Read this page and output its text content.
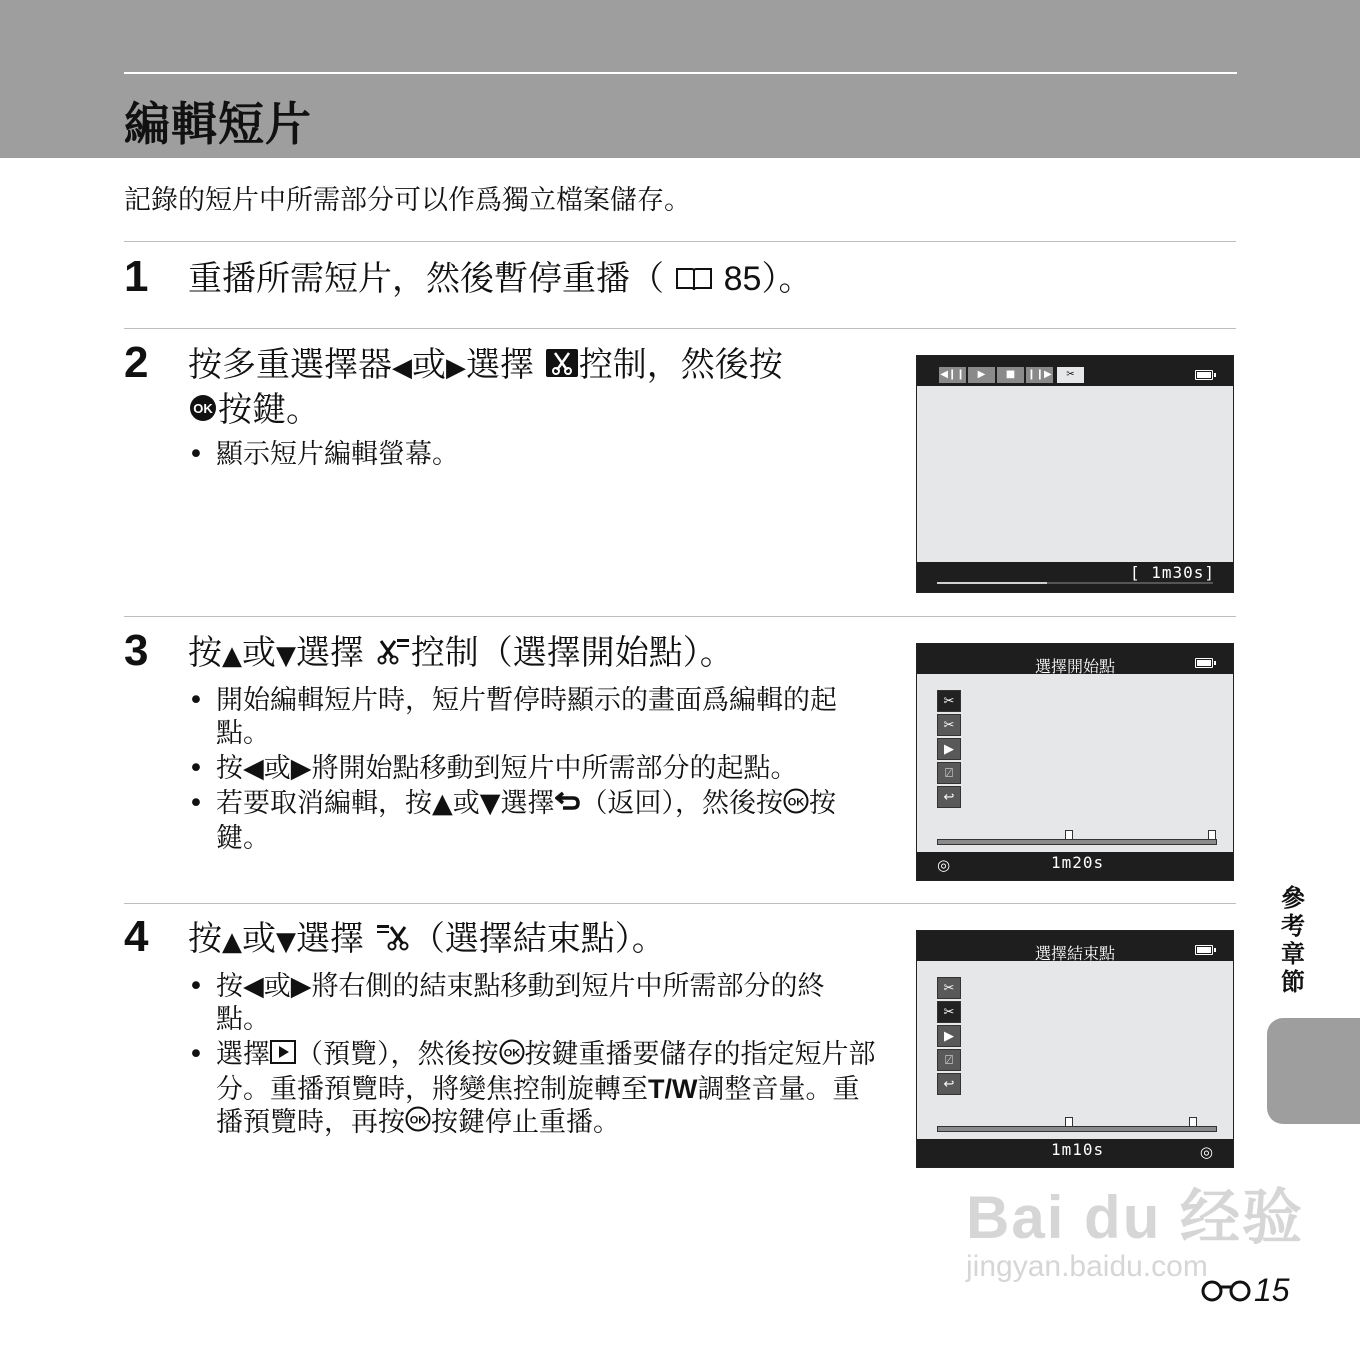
編輯短片
記錄的短片中所需部分可以作爲獨立檔案儲存。
1 重播所需短片，然後暫停重播（ 85）。
2 按多重選擇器◀或▶選擇 控制，然後按

OK 按鍵。
• 顯示短片編輯螢幕。
◀❙❙	▶	■	❙❙▶	✂
[ 1m30s]
3 按▲或▼選擇 控制（選擇開始點）。
• 開始編輯短片時，短片暫停時顯示的畫面爲編輯的起點。
• 按◀或▶將開始點移動到短片中所需部分的起點。
• 若要取消編輯，按▲或▼選擇 （返回），然後按 OK 按鍵。
選擇開始點
✂
✂
▶
⍁
↩
◎	1m20s
4 按▲或▼選擇 （選擇結束點）。
• 按◀或▶將右側的結束點移動到短片中所需部分的終點。
• 選擇 （預覽），然後按 OK 按鍵重播要儲存的指定短片部分。重播預覽時，將變焦控制旋轉至T/W調整音量。重播預覽時，再按 OK 按鍵停止重播。
選擇結束點
✂
✂
▶
⍁
↩
1m10s	◎
參考章節
Bai du 经验
jingyan.baidu.com
15
